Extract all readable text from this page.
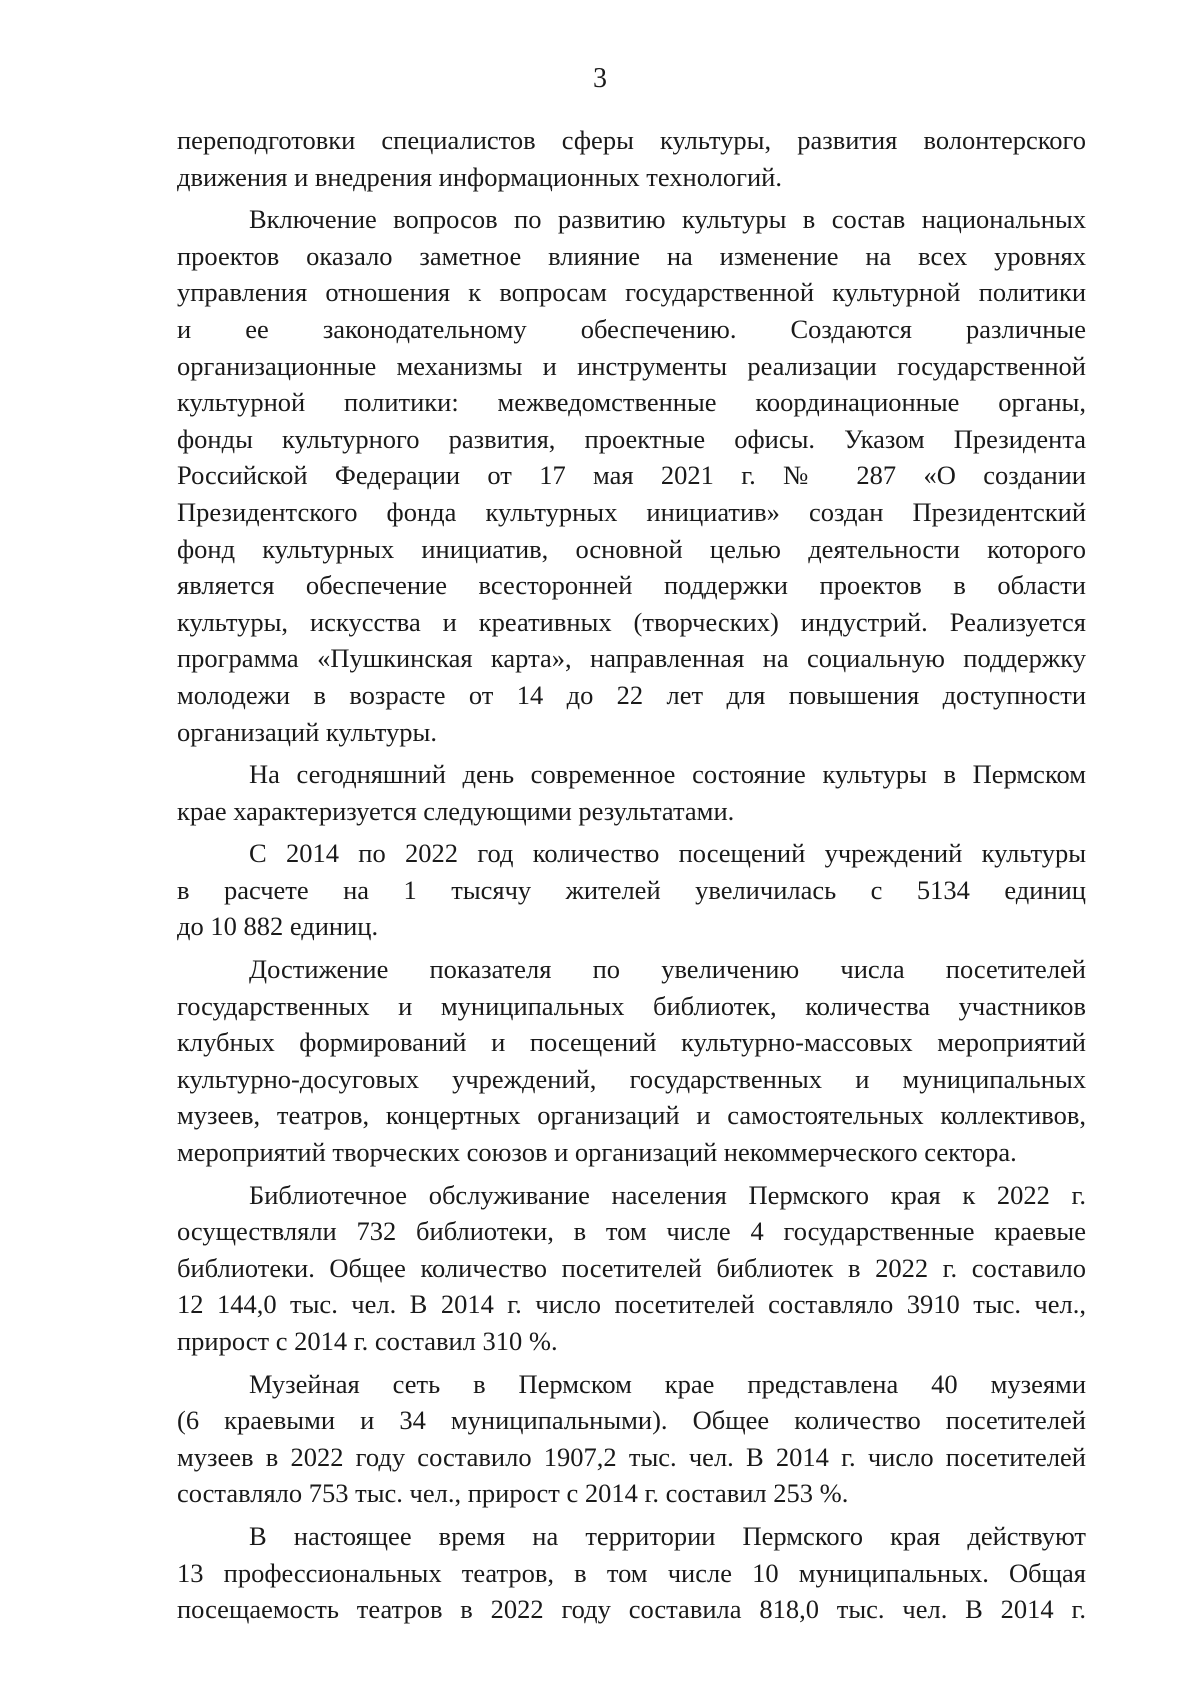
3
переподготовки специалистов сферы культуры, развития волонтерского
движения и внедрения информационных технологий.
Включение вопросов по развитию культуры в состав национальных
проектов оказало заметное влияние на изменение на всех уровнях
управления отношения к вопросам государственной культурной политики
и ее законодательному обеспечению. Создаются различные
организационные механизмы и инструменты реализации государственной
культурной политики: межведомственные координационные органы,
фонды культурного развития, проектные офисы. Указом Президента
Российской Федерации от 17 мая 2021 г. № 287 «О создании
Президентского фонда культурных инициатив» создан Президентский
фонд культурных инициатив, основной целью деятельности которого
является обеспечение всесторонней поддержки проектов в области
культуры, искусства и креативных (творческих) индустрий. Реализуется
программа «Пушкинская карта», направленная на социальную поддержку
молодежи в возрасте от 14 до 22 лет для повышения доступности
организаций культуры.
На сегодняшний день современное состояние культуры в Пермском
крае характеризуется следующими результатами.
С 2014 по 2022 год количество посещений учреждений культуры
в расчете на 1 тысячу жителей увеличилась с 5134 единиц
до 10 882 единиц.
Достижение показателя по увеличению числа посетителей
государственных и муниципальных библиотек, количества участников
клубных формирований и посещений культурно-массовых мероприятий
культурно-досуговых учреждений, государственных и муниципальных
музеев, театров, концертных организаций и самостоятельных коллективов,
мероприятий творческих союзов и организаций некоммерческого сектора.
Библиотечное обслуживание населения Пермского края к 2022 г.
осуществляли 732 библиотеки, в том числе 4 государственные краевые
библиотеки. Общее количество посетителей библиотек в 2022 г. составило
12 144,0 тыс. чел. В 2014 г. число посетителей составляло 3910 тыс. чел.,
прирост с 2014 г. составил 310 %.
Музейная сеть в Пермском крае представлена 40 музеями
(6 краевыми и 34 муниципальными). Общее количество посетителей
музеев в 2022 году составило 1907,2 тыс. чел. В 2014 г. число посетителей
составляло 753 тыс. чел., прирост с 2014 г. составил 253 %.
В настоящее время на территории Пермского края действуют
13 профессиональных театров, в том числе 10 муниципальных. Общая
посещаемость театров в 2022 году составила 818,0 тыс. чел. В 2014 г.
